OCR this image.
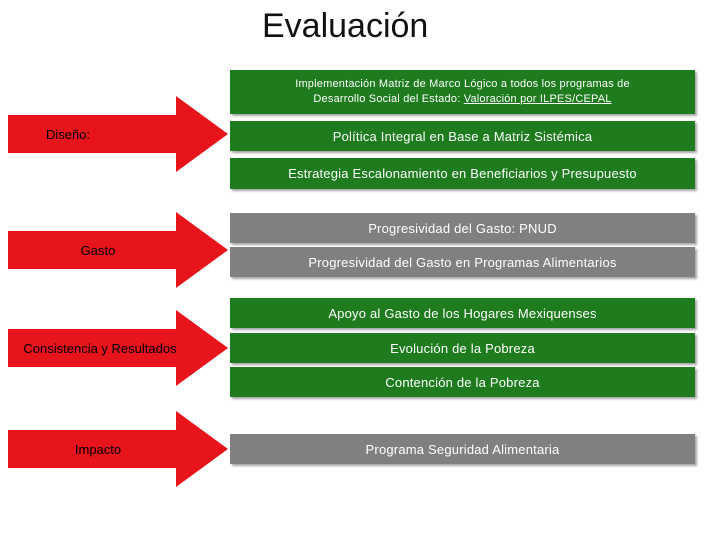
Evaluación
Implementación Matriz de Marco Lógico a todos los programas de
Desarrollo Social del Estado: Valoración por ILPES/CEPAL
Diseño:	Política Integral en Base a Matriz Sistémica
Estrategia Escalonamiento en Beneficiarios y Presupuesto
Gasto
Progresividad del Gasto: PNUD
Progresividad del Gasto en Programas Alimentarios
Apoyo al Gasto de los Hogares Mexiquenses
Consistencia y Resultados	Evolución de la Pobreza
Contención de la Pobreza
Impacto	Programa Seguridad Alimentaria
